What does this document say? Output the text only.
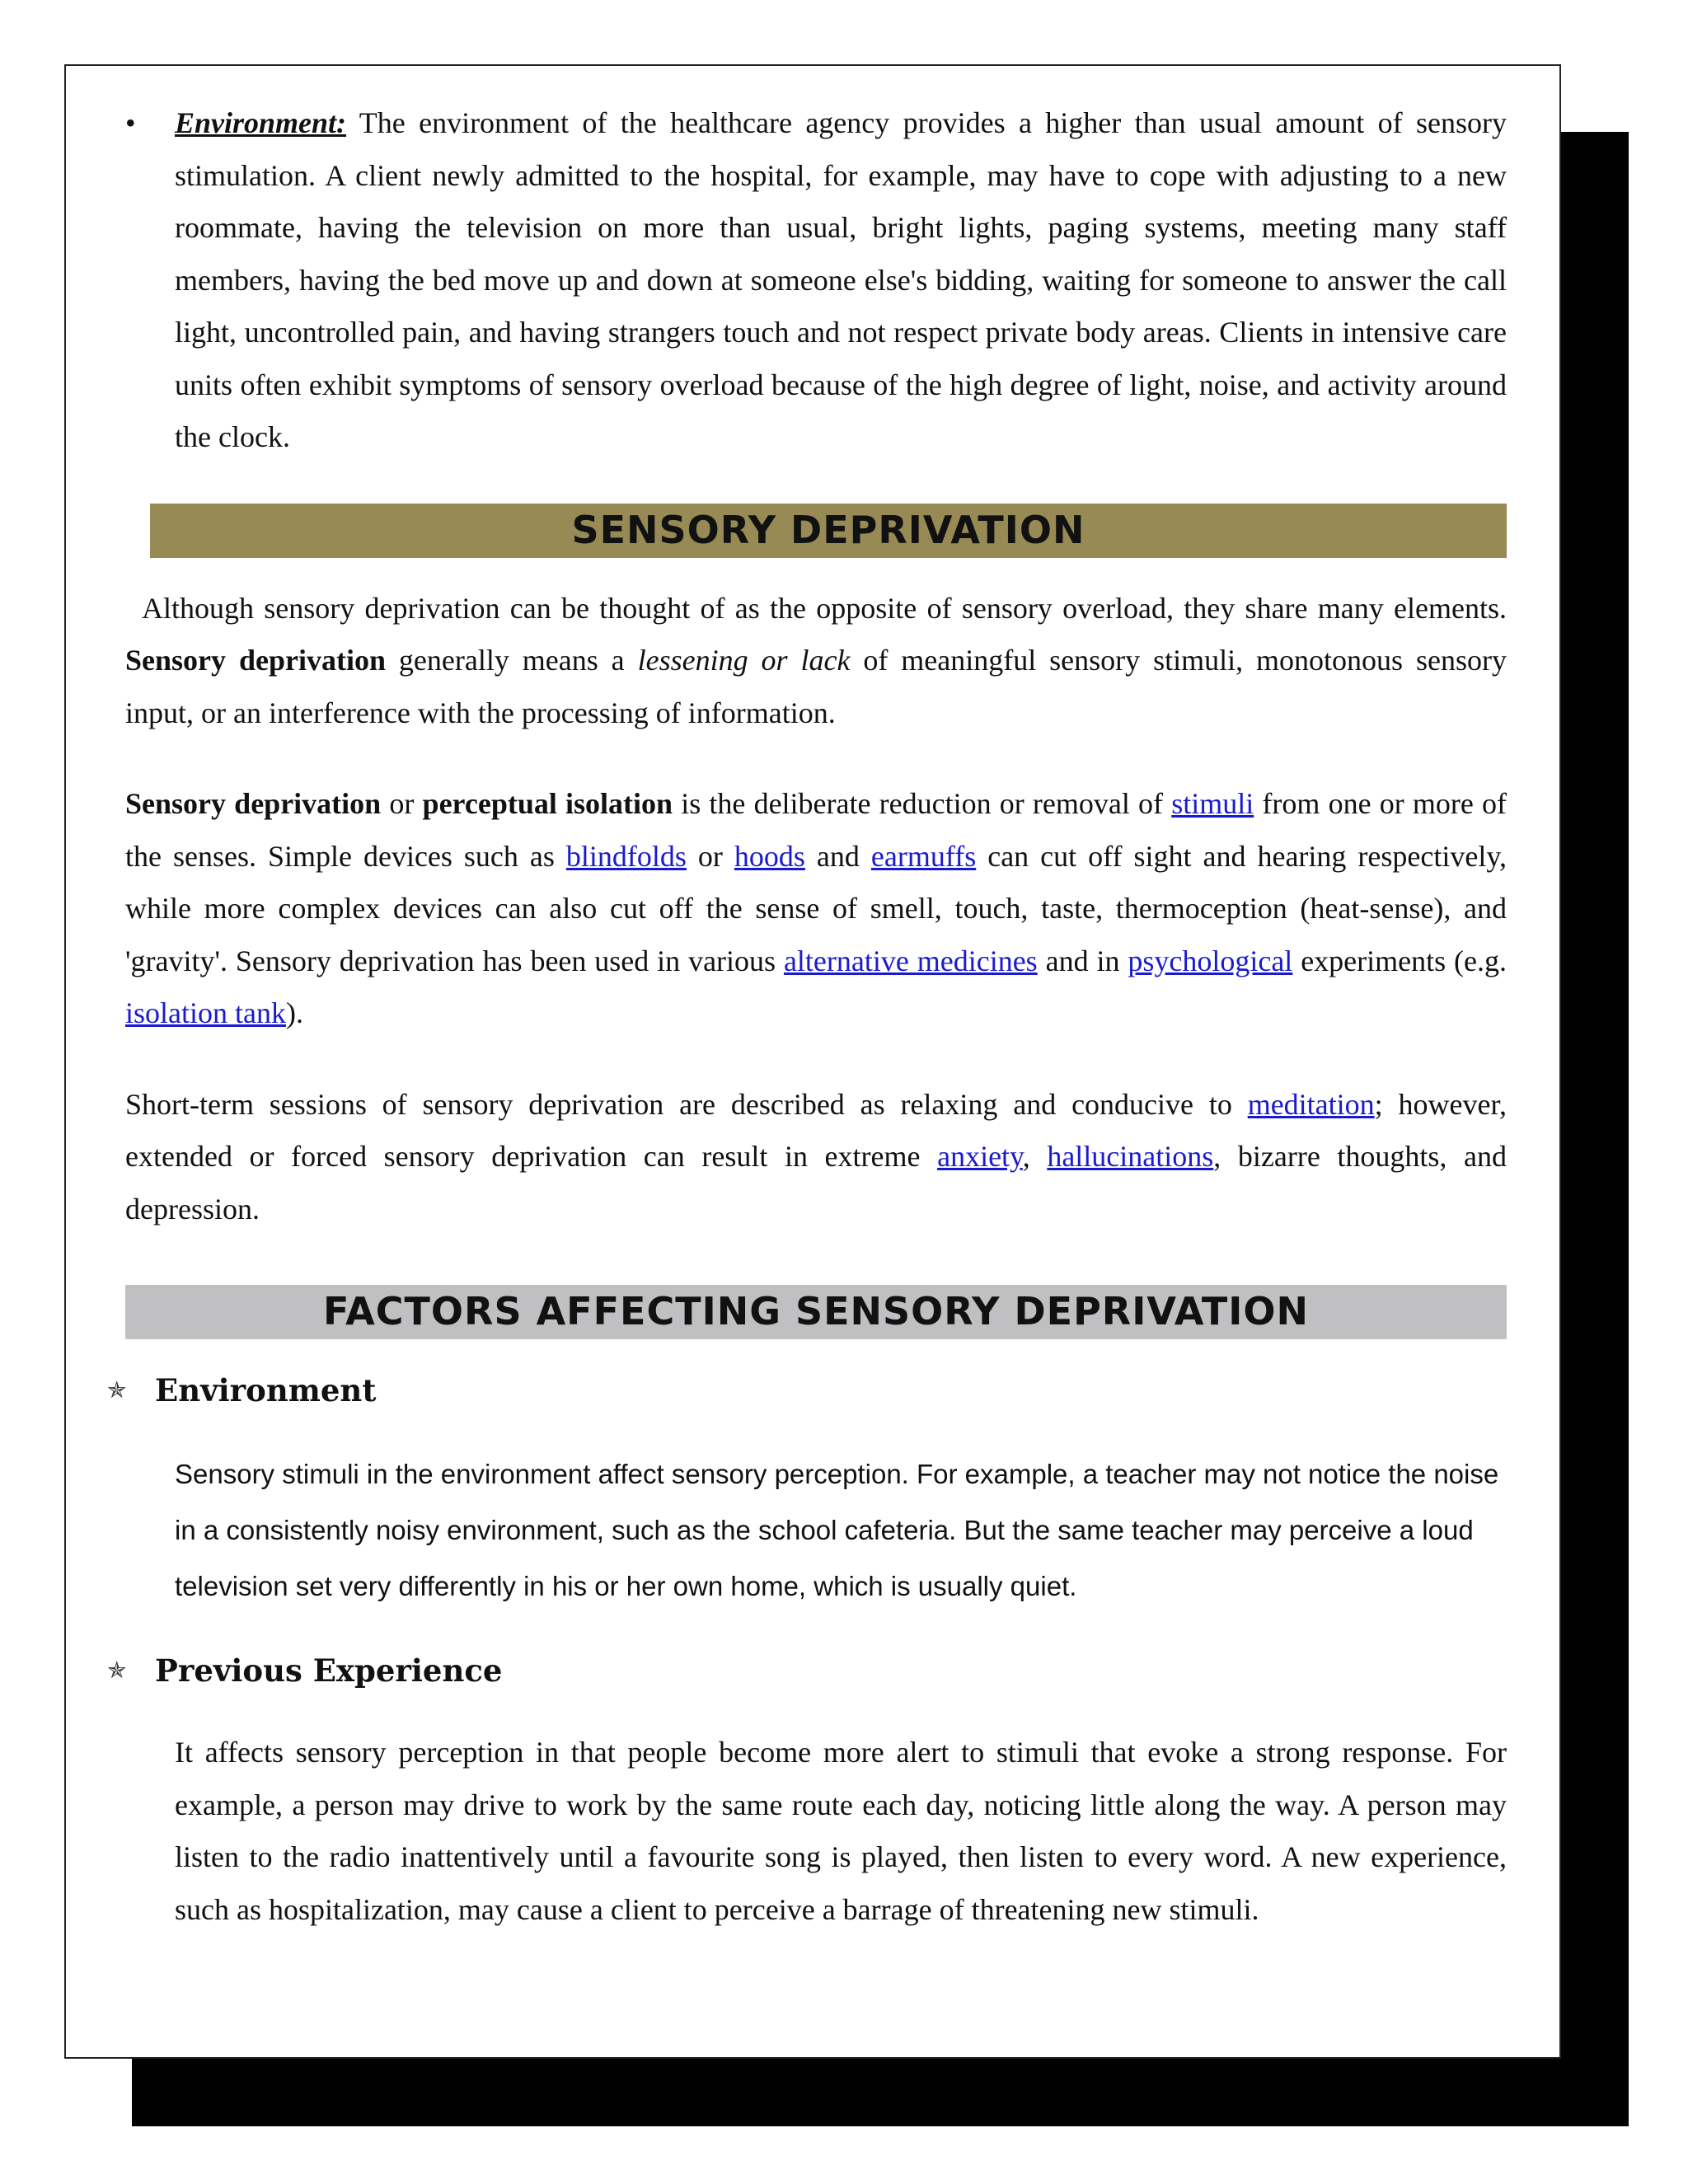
• Environment: The environment of the healthcare agency provides a higher than usual amount of sensory stimulation. A client newly admitted to the hospital, for example, may have to cope with adjusting to a new roommate, having the television on more than usual, bright lights, paging systems, meeting many staff members, having the bed move up and down at someone else's bidding, waiting for someone to answer the call light, uncontrolled pain, and having strangers touch and not respect private body areas. Clients in intensive care units often exhibit symptoms of sensory overload because of the high degree of light, noise, and activity around the clock.

SENSORY DEPRIVATION

Although sensory deprivation can be thought of as the opposite of sensory overload, they share many elements. Sensory deprivation generally means a lessening or lack of meaningful sensory stimuli, monotonous sensory input, or an interference with the processing of information.

Sensory deprivation or perceptual isolation is the deliberate reduction or removal of stimuli from one or more of the senses. Simple devices such as blindfolds or hoods and earmuffs can cut off sight and hearing respectively, while more complex devices can also cut off the sense of smell, touch, taste, thermoception (heat-sense), and 'gravity'. Sensory deprivation has been used in various alternative medicines and in psychological experiments (e.g. isolation tank).

Short-term sessions of sensory deprivation are described as relaxing and conducive to meditation; however, extended or forced sensory deprivation can result in extreme anxiety, hallucinations, bizarre thoughts, and depression.

FACTORS AFFECTING SENSORY DEPRIVATION
✯ Environment

Sensory stimuli in the environment affect sensory perception. For example, a teacher may not notice the noise in a consistently noisy environment, such as the school cafeteria. But the same teacher may perceive a loud television set very differently in his or her own home, which is usually quiet.

✯ Previous Experience

It affects sensory perception in that people become more alert to stimuli that evoke a strong response. For example, a person may drive to work by the same route each day, noticing little along the way. A person may listen to the radio inattentively until a favourite song is played, then listen to every word. A new experience, such as hospitalization, may cause a client to perceive a barrage of threatening new stimuli.
